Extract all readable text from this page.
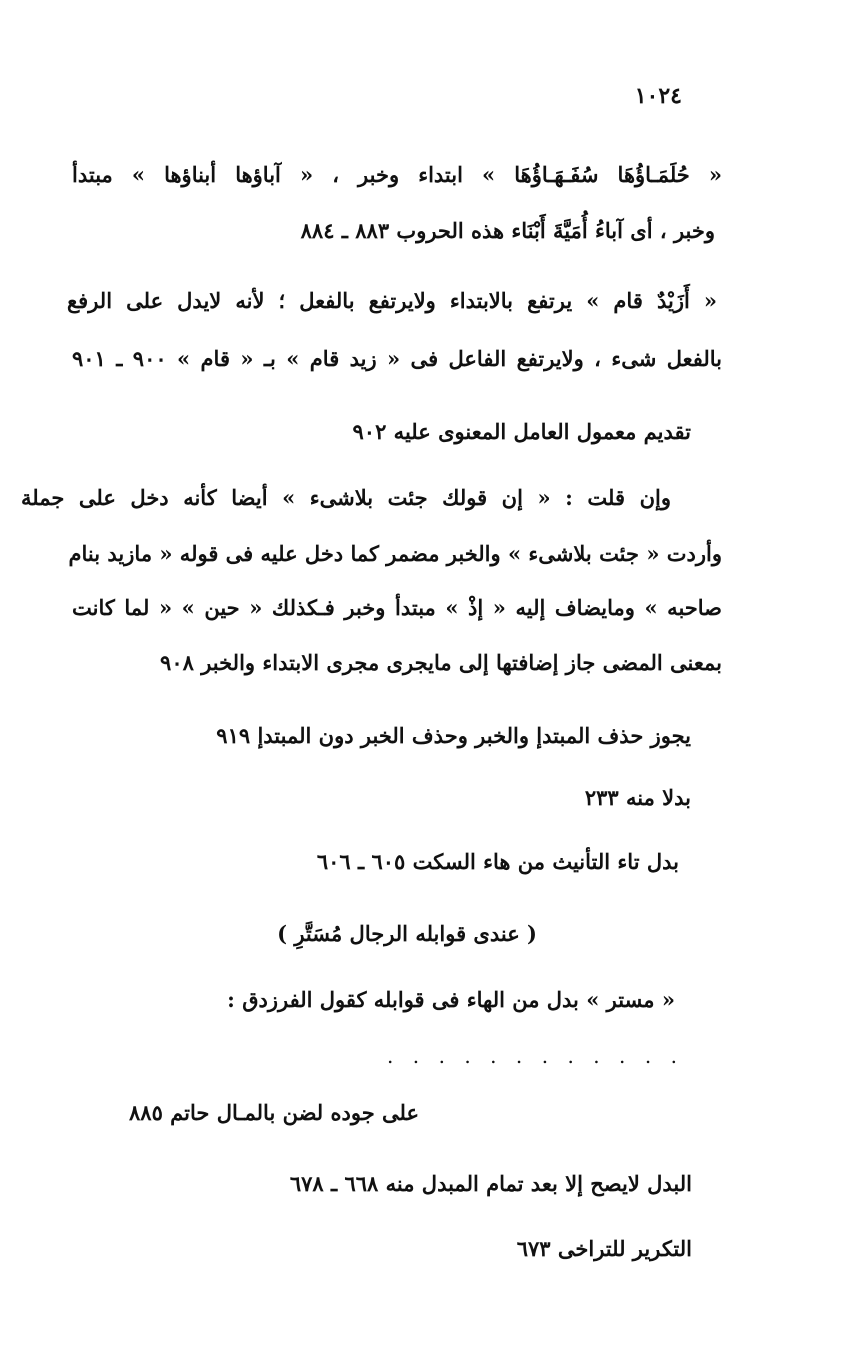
١٠٢٤
« حُلَمَـاؤُهَا سُفَـهَـاؤُهَا » ابتداء وخبر ، « آباؤها أبناؤها » مبتدأ
وخبر ، أى آباءُ أُمَيَّةَ أَبْنَاء هذه الحروب ٨٨٣ ـ ٨٨٤
« أَزَيْدٌ قام » يرتفع بالابتداء ولايرتفع بالفعل ؛ لأنه لايدل على الرفع
بالفعل شىء ، ولايرتفع الفاعل فى « زيد قام » بـ « قام » ٩٠٠ ـ ٩٠١
تقديم معمول العامل المعنوى عليه ٩٠٢
وإن قلت : « إن قولك جئت بلاشىء » أيضا كأنه دخل على جملة
وأردت « جئت بلاشىء » والخبر مضمر كما دخل عليه فى قوله « مازيد بنام
صاحبه » ومايضاف إليه « إذْ » مبتدأ وخبر فـكذلك « حين » « لما كانت
بمعنى المضى جاز إضافتها إلى مايجرى مجرى الابتداء والخبر ٩٠٨
يجوز حذف المبتدإ والخبر وحذف الخبر دون المبتدإ ٩١٩
بدلا منه ٢٣٣
بدل تاء التأنيث من هاء السكت ٦٠٥ ـ ٦٠٦
( عندى قوابله الرجال مُسَتَّرِ )
« مستر » بدل من الهاء فى قوابله كقول الفرزدق :
. . . . . . . . . . . .
على جوده لضن بالمـال حاتم ٨٨٥
البدل لايصح إلا بعد تمام المبدل منه ٦٦٨ ـ ٦٧٨
التكرير للتراخى ٦٧٣
